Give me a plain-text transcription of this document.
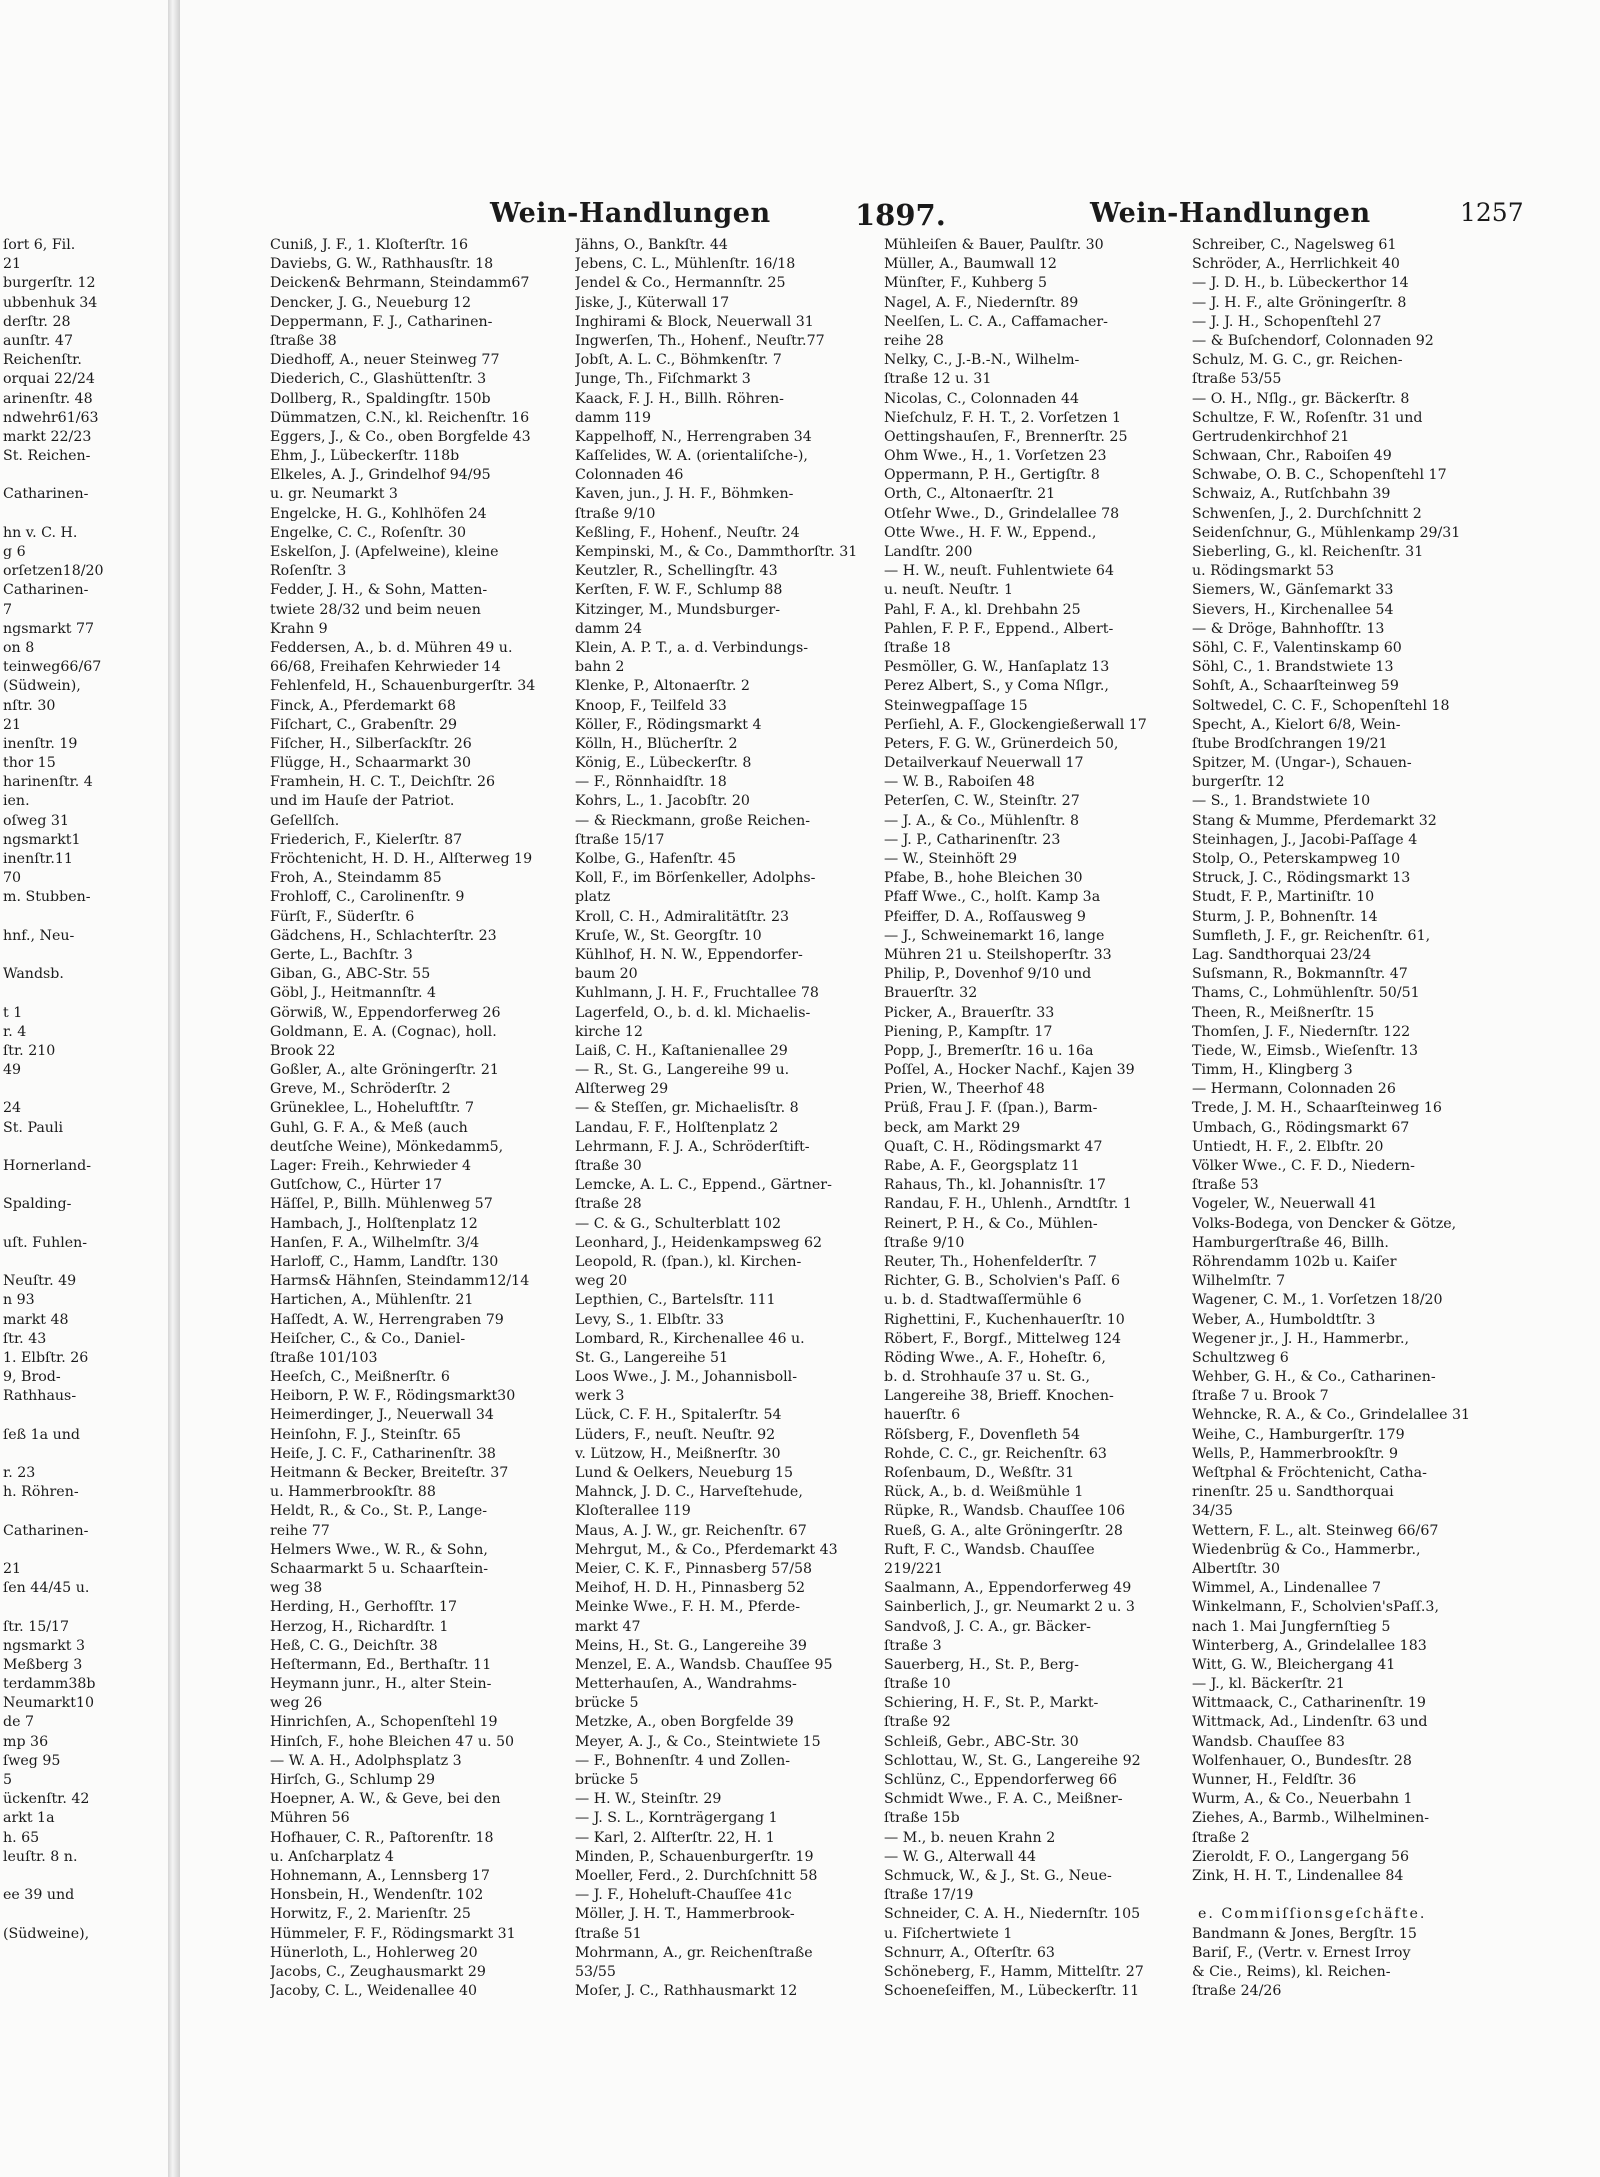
ſort 6, Fil.
21
burgerſtr. 12
ubbenhuk 34
derſtr. 28
aunſtr. 47
Reichenſtr.
orquai 22/24
arinenſtr. 48
ndwehr61/63
markt 22/23
St. Reichen-
Catharinen-
hn v. C. H.
g 6
orſetzen18/20
Catharinen-
7
ngsmarkt 77
on 8
teinweg66/67
(Südwein),
nſtr. 30
21
inenſtr. 19
thor 15
harinenſtr. 4
ien.
oſweg 31
ngsmarkt1
inenſtr.11
70
m. Stubben-
hnf., Neu-
Wandsb.
t 1
r. 4
ſtr. 210
49
24
St. Pauli
Hornerland-
Spalding-
uſt. Fuhlen-
Neuſtr. 49
n 93
markt 48
ſtr. 43
1. Elbſtr. 26
9, Brod-
Rathhaus-
ſeß 1a und
r. 23
h. Röhren-
Catharinen-
21
ſen 44/45 u.
ſtr. 15/17
ngsmarkt 3
Meßberg 3
terdamm38b
Neumarkt10
de 7
mp 36
ſweg 95
5
ückenſtr. 42
arkt 1a
h. 65
leuſtr. 8 n.
ee 39 und
(Südweine),
Wein-Handlungen	1897.	Wein-Handlungen	1257
Cuniß, J. F., 1. Kloſterſtr. 16
Daviebs, G. W., Rathhausſtr. 18
Deicken& Behrmann, Steindamm67
Dencker, J. G., Neueburg 12
Deppermann, F. J., Catharinen-
ſtraße 38
Diedhoff, A., neuer Steinweg 77
Diederich, C., Glashüttenſtr. 3
Dollberg, R., Spaldingſtr. 150b
Dümmatzen, C.N., kl. Reichenſtr. 16
Eggers, J., & Co., oben Borgfelde 43
Ehm, J., Lübeckerſtr. 118b
Elkeles, A. J., Grindelhof 94/95
u. gr. Neumarkt 3
Engelcke, H. G., Kohlhöfen 24
Engelke, C. C., Roſenſtr. 30
Eskelſon, J. (Apfelweine), kleine
Roſenſtr. 3
Fedder, J. H., & Sohn, Matten-
twiete 28/32 und beim neuen
Krahn 9
Feddersen, A., b. d. Mühren 49 u.
66/68, Freihafen Kehrwieder 14
Fehlenfeld, H., Schauenburgerſtr. 34
Finck, A., Pferdemarkt 68
Fiſchart, C., Grabenſtr. 29
Fiſcher, H., Silberſackſtr. 26
Flügge, H., Schaarmarkt 30
Framhein, H. C. T., Deichſtr. 26
und im Hauſe der Patriot.
Geſellſch.
Friederich, F., Kielerſtr. 87
Fröchtenicht, H. D. H., Alſterweg 19
Froh, A., Steindamm 85
Frohloff, C., Carolinenſtr. 9
Fürſt, F., Süderſtr. 6
Gädchens, H., Schlachterſtr. 23
Gerte, L., Bachſtr. 3
Giban, G., ABC-Str. 55
Göbl, J., Heitmannſtr. 4
Görwiß, W., Eppendorferweg 26
Goldmann, E. A. (Cognac), holl.
Brook 22
Goßler, A., alte Gröningerſtr. 21
Greve, M., Schröderſtr. 2
Grüneklee, L., Hoheluftſtr. 7
Guhl, G. F. A., & Meß (auch
deutſche Weine), Mönkedamm5,
Lager: Freih., Kehrwieder 4
Gutſchow, C., Hürter 17
Häſſel, P., Billh. Mühlenweg 57
Hambach, J., Holſtenplatz 12
Hanſen, F. A., Wilhelmſtr. 3/4
Harloff, C., Hamm, Landſtr. 130
Harms& Hähnſen, Steindamm12/14
Hartichen, A., Mühlenſtr. 21
Haſſedt, A. W., Herrengraben 79
Heiſcher, C., & Co., Daniel-
ſtraße 101/103
Heeſch, C., Meißnerſtr. 6
Heiborn, P. W. F., Rödingsmarkt30
Heimerdinger, J., Neuerwall 34
Heinſohn, F. J., Steinſtr. 65
Heiſe, J. C. F., Catharinenſtr. 38
Heitmann & Becker, Breiteſtr. 37
u. Hammerbrookſtr. 88
Heldt, R., & Co., St. P., Lange-
reihe 77
Helmers Wwe., W. R., & Sohn,
Schaarmarkt 5 u. Schaarſtein-
weg 38
Herding, H., Gerhofſtr. 17
Herzog, H., Richardſtr. 1
Heß, C. G., Deichſtr. 38
Heſtermann, Ed., Berthaſtr. 11
Heymann junr., H., alter Stein-
weg 26
Hinrichſen, A., Schopenſtehl 19
Hinſch, F., hohe Bleichen 47 u. 50
— W. A. H., Adolphsplatz 3
Hirſch, G., Schlump 29
Hoepner, A. W., & Geve, bei den
Mühren 56
Hofhauer, C. R., Paſtorenſtr. 18
u. Anſcharplatz 4
Hohnemann, A., Lennsberg 17
Honsbein, H., Wendenſtr. 102
Horwitz, F., 2. Marienſtr. 25
Hümmeler, F. F., Rödingsmarkt 31
Hünerloth, L., Hohlerweg 20
Jacobs, C., Zeughausmarkt 29
Jacoby, C. L., Weidenallee 40
Jähns, O., Bankſtr. 44
Jebens, C. L., Mühlenſtr. 16/18
Jendel & Co., Hermannſtr. 25
Jiske, J., Küterwall 17
Inghirami & Block, Neuerwall 31
Ingwerſen, Th., Hohenf., Neuſtr.77
Jobſt, A. L. C., Böhmkenſtr. 7
Junge, Th., Fiſchmarkt 3
Kaack, F. J. H., Billh. Röhren-
damm 119
Kappelhoff, N., Herrengraben 34
Kaſſelides, W. A. (orientaliſche-),
Colonnaden 46
Kaven, jun., J. H. F., Böhmken-
ſtraße 9/10
Keßling, F., Hohenf., Neuſtr. 24
Kempinski, M., & Co., Dammthorſtr. 31
Keutzler, R., Schellingſtr. 43
Kerſten, F. W. F., Schlump 88
Kitzinger, M., Mundsburger-
damm 24
Klein, A. P. T., a. d. Verbindungs-
bahn 2
Klenke, P., Altonaerſtr. 2
Knoop, F., Teilfeld 33
Köller, F., Rödingsmarkt 4
Kölln, H., Blücherſtr. 2
König, E., Lübeckerſtr. 8
— F., Rönnhaidſtr. 18
Kohrs, L., 1. Jacobſtr. 20
— & Rieckmann, große Reichen-
ſtraße 15/17
Kolbe, G., Hafenſtr. 45
Koll, F., im Börſenkeller, Adolphs-
platz
Kroll, C. H., Admiralitätſtr. 23
Kruſe, W., St. Georgſtr. 10
Kühlhof, H. N. W., Eppendorfer-
baum 20
Kuhlmann, J. H. F., Fruchtallee 78
Lagerfeld, O., b. d. kl. Michaelis-
kirche 12
Laiß, C. H., Kaſtanienallee 29
— R., St. G., Langereihe 99 u.
Alſterweg 29
— & Steſſen, gr. Michaelisſtr. 8
Landau, F. F., Holſtenplatz 2
Lehrmann, F. J. A., Schröderſtift-
ſtraße 30
Lemcke, A. L. C., Eppend., Gärtner-
ſtraße 28
— C. & G., Schulterblatt 102
Leonhard, J., Heidenkampsweg 62
Leopold, R. (ſpan.), kl. Kirchen-
weg 20
Lepthien, C., Bartelsſtr. 111
Levy, S., 1. Elbſtr. 33
Lombard, R., Kirchenallee 46 u.
St. G., Langereihe 51
Loos Wwe., J. M., Johannisboll-
werk 3
Lück, C. F. H., Spitalerſtr. 54
Lüders, F., neuſt. Neuſtr. 92
v. Lützow, H., Meißnerſtr. 30
Lund & Oelkers, Neueburg 15
Mahnck, J. D. C., Harveſtehude,
Kloſterallee 119
Maus, A. J. W., gr. Reichenſtr. 67
Mehrgut, M., & Co., Pferdemarkt 43
Meier, C. K. F., Pinnasberg 57/58
Meihof, H. D. H., Pinnasberg 52
Meinke Wwe., F. H. M., Pferde-
markt 47
Meins, H., St. G., Langereihe 39
Menzel, E. A., Wandsb. Chauſſee 95
Metterhauſen, A., Wandrahms-
brücke 5
Metzke, A., oben Borgfelde 39
Meyer, A. J., & Co., Steintwiete 15
— F., Bohnenſtr. 4 und Zollen-
brücke 5
— H. W., Steinſtr. 29
— J. S. L., Kornträgergang 1
— Karl, 2. Alſterſtr. 22, H. 1
Minden, P., Schauenburgerſtr. 19
Moeller, Ferd., 2. Durchſchnitt 58
— J. F., Hoheluft-Chauſſee 41c
Möller, J. H. T., Hammerbrook-
ſtraße 51
Mohrmann, A., gr. Reichenſtraße
53/55
Moſer, J. C., Rathhausmarkt 12
Mühleiſen & Bauer, Paulſtr. 30
Müller, A., Baumwall 12
Münſter, F., Kuhberg 5
Nagel, A. F., Niedernſtr. 89
Neelſen, L. C. A., Caffamacher-
reihe 28
Nelky, C., J.-B.-N., Wilhelm-
ſtraße 12 u. 31
Nicolas, C., Colonnaden 44
Nieſchulz, F. H. T., 2. Vorſetzen 1
Oettingshauſen, F., Brennerſtr. 25
Ohm Wwe., H., 1. Vorſetzen 23
Oppermann, P. H., Gertigſtr. 8
Orth, C., Altonaerſtr. 21
Otſehr Wwe., D., Grindelallee 78
Otte Wwe., H. F. W., Eppend.,
Landſtr. 200
— H. W., neuſt. Fuhlentwiete 64
u. neuſt. Neuſtr. 1
Pahl, F. A., kl. Drehbahn 25
Pahlen, F. P. F., Eppend., Albert-
ſtraße 18
Pesmöller, G. W., Hanſaplatz 13
Perez Albert, S., y Coma Nſlgr.,
Steinwegpaſſage 15
Perſiehl, A. F., Glockengießerwall 17
Peters, F. G. W., Grünerdeich 50,
Detailverkauf Neuerwall 17
— W. B., Raboiſen 48
Peterſen, C. W., Steinſtr. 27
— J. A., & Co., Mühlenſtr. 8
— J. P., Catharinenſtr. 23
— W., Steinhöft 29
Pfabe, B., hohe Bleichen 30
Pfaff Wwe., C., holſt. Kamp 3a
Pfeiffer, D. A., Roſſausweg 9
— J., Schweinemarkt 16, lange
Mühren 21 u. Steilshoperſtr. 33
Philip, P., Dovenhof 9/10 und
Brauerſtr. 32
Picker, A., Brauerſtr. 33
Piening, P., Kampſtr. 17
Popp, J., Bremerſtr. 16 u. 16a
Poſſel, A., Hocker Nachf., Kajen 39
Prien, W., Theerhof 48
Prüß, Frau J. F. (ſpan.), Barm-
beck, am Markt 29
Quaſt, C. H., Rödingsmarkt 47
Rabe, A. F., Georgsplatz 11
Rahaus, Th., kl. Johannisſtr. 17
Randau, F. H., Uhlenh., Arndtſtr. 1
Reinert, P. H., & Co., Mühlen-
ſtraße 9/10
Reuter, Th., Hohenfelderſtr. 7
Richter, G. B., Scholvien's Paſſ. 6
u. b. d. Stadtwaſſermühle 6
Righettini, F., Kuchenhauerſtr. 10
Röbert, F., Borgf., Mittelweg 124
Röding Wwe., A. F., Hoheſtr. 6,
b. d. Strohhauſe 37 u. St. G.,
Langereihe 38, Brieff. Knochen-
hauerſtr. 6
Röſsberg, F., Dovenfleth 54
Rohde, C. C., gr. Reichenſtr. 63
Roſenbaum, D., Weßſtr. 31
Rück, A., b. d. Weißmühle 1
Rüpke, R., Wandsb. Chauſſee 106
Rueß, G. A., alte Gröningerſtr. 28
Ruft, F. C., Wandsb. Chauſſee
219/221
Saalmann, A., Eppendorferweg 49
Sainberlich, J., gr. Neumarkt 2 u. 3
Sandvoß, J. C. A., gr. Bäcker-
ſtraße 3
Sauerberg, H., St. P., Berg-
ſtraße 10
Schiering, H. F., St. P., Markt-
ſtraße 92
Schleiß, Gebr., ABC-Str. 30
Schlottau, W., St. G., Langereihe 92
Schlünz, C., Eppendorferweg 66
Schmidt Wwe., F. A. C., Meißner-
ſtraße 15b
— M., b. neuen Krahn 2
— W. G., Alterwall 44
Schmuck, W., & J., St. G., Neue-
ſtraße 17/19
Schneider, C. A. H., Niedernſtr. 105
u. Fiſchertwiete 1
Schnurr, A., Oſterſtr. 63
Schöneberg, F., Hamm, Mittelſtr. 27
Schoeneſeiffen, M., Lübeckerſtr. 11
Schreiber, C., Nagelsweg 61
Schröder, A., Herrlichkeit 40
— J. D. H., b. Lübeckerthor 14
— J. H. F., alte Gröningerſtr. 8
— J. J. H., Schopenſtehl 27
— & Buſchendorf, Colonnaden 92
Schulz, M. G. C., gr. Reichen-
ſtraße 53/55
— O. H., Nſlg., gr. Bäckerſtr. 8
Schultze, F. W., Roſenſtr. 31 und
Gertrudenkirchhof 21
Schwaan, Chr., Raboiſen 49
Schwabe, O. B. C., Schopenſtehl 17
Schwaiz, A., Rutſchbahn 39
Schwenſen, J., 2. Durchſchnitt 2
Seidenſchnur, G., Mühlenkamp 29/31
Sieberling, G., kl. Reichenſtr. 31
u. Rödingsmarkt 53
Siemers, W., Gänſemarkt 33
Sievers, H., Kirchenallee 54
— & Dröge, Bahnhofſtr. 13
Söhl, C. F., Valentinskamp 60
Söhl, C., 1. Brandstwiete 13
Sohſt, A., Schaarſteinweg 59
Soltwedel, C. C. F., Schopenſtehl 18
Specht, A., Kielort 6/8, Wein-
ſtube Brodſchrangen 19/21
Spitzer, M. (Ungar-), Schauen-
burgerſtr. 12
— S., 1. Brandstwiete 10
Stang & Mumme, Pferdemarkt 32
Steinhagen, J., Jacobi-Paſſage 4
Stolp, O., Peterskampweg 10
Struck, J. C., Rödingsmarkt 13
Studt, F. P., Martiniſtr. 10
Sturm, J. P., Bohnenſtr. 14
Sumfleth, J. F., gr. Reichenſtr. 61,
Lag. Sandthorquai 23/24
Suſsmann, R., Bokmannſtr. 47
Thams, C., Lohmühlenſtr. 50/51
Theen, R., Meißnerſtr. 15
Thomſen, J. F., Niedernſtr. 122
Tiede, W., Eimsb., Wieſenſtr. 13
Timm, H., Klingberg 3
— Hermann, Colonnaden 26
Trede, J. M. H., Schaarſteinweg 16
Umbach, G., Rödingsmarkt 67
Untiedt, H. F., 2. Elbſtr. 20
Völker Wwe., C. F. D., Niedern-
ſtraße 53
Vogeler, W., Neuerwall 41
Volks-Bodega, von Dencker & Götze,
Hamburgerſtraße 46, Billh.
Röhrendamm 102b u. Kaiſer
Wilhelmſtr. 7
Wagener, C. M., 1. Vorſetzen 18/20
Weber, A., Humboldtſtr. 3
Wegener jr., J. H., Hammerbr.,
Schultzweg 6
Wehber, G. H., & Co., Catharinen-
ſtraße 7 u. Brook 7
Wehncke, R. A., & Co., Grindelallee 31
Weihe, C., Hamburgerſtr. 179
Wells, P., Hammerbrookſtr. 9
Weſtphal & Fröchtenicht, Catha-
rinenſtr. 25 u. Sandthorquai
34/35
Wettern, F. L., alt. Steinweg 66/67
Wiedenbrüg & Co., Hammerbr.,
Albertſtr. 30
Wimmel, A., Lindenallee 7
Winkelmann, F., Scholvien'sPaſſ.3,
nach 1. Mai Jungfernſtieg 5
Winterberg, A., Grindelallee 183
Witt, G. W., Bleichergang 41
— J., kl. Bäckerſtr. 21
Wittmaack, C., Catharinenſtr. 19
Wittmack, Ad., Lindenſtr. 63 und
Wandsb. Chauſſee 83
Wolfenhauer, O., Bundesſtr. 28
Wunner, H., Feldſtr. 36
Wurm, A., & Co., Neuerbahn 1
Ziehes, A., Barmb., Wilhelminen-
ſtraße 2
Zieroldt, F. O., Langergang 56
Zink, H. H. T., Lindenallee 84
e. Commiſſionsgeſchäfte.
Bandmann & Jones, Bergſtr. 15
Bariſ, F., (Vertr. v. Ernest Irroy
& Cie., Reims), kl. Reichen-
ſtraße 24/26
